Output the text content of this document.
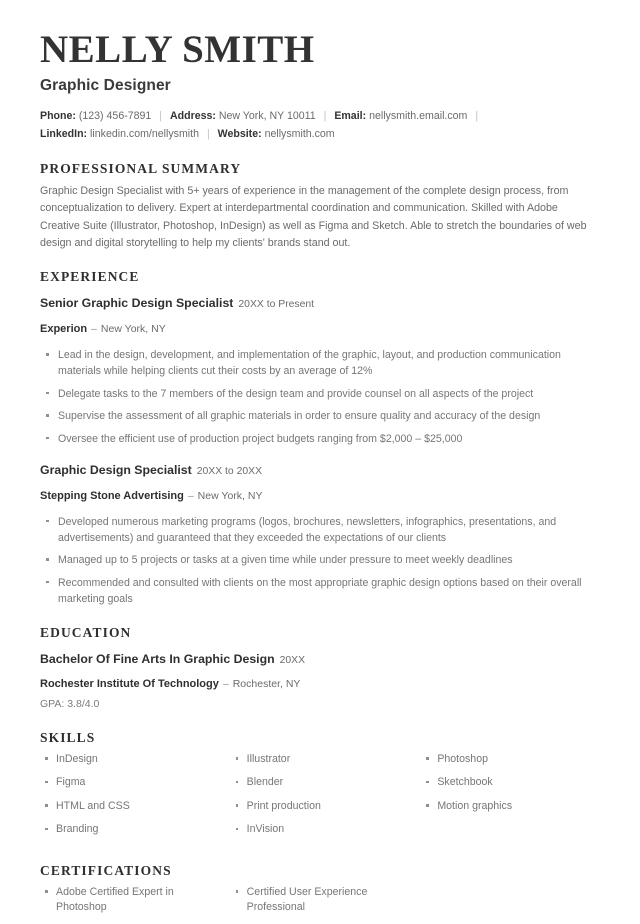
NELLY SMITH
Graphic Designer
Phone: (123) 456-7891 | Address: New York, NY 10011 | Email: nellysmith.email.com |
LinkedIn: linkedin.com/nellysmith | Website: nellysmith.com
PROFESSIONAL SUMMARY

Graphic Design Specialist with 5+ years of experience in the management of the complete design process, from conceptualization to delivery. Expert at interdepartmental coordination and communication. Skilled with Adobe Creative Suite (Illustrator, Photoshop, InDesign) as well as Figma and Sketch. Able to stretch the boundaries of web design and digital storytelling to help my clients' brands stand out.

EXPERIENCE
Senior Graphic Design Specialist 20XX to Present
Experion – New York, NY
Lead in the design, development, and implementation of the graphic, layout, and production communication materials while helping clients cut their costs by an average of 12%
Delegate tasks to the 7 members of the design team and provide counsel on all aspects of the project
Supervise the assessment of all graphic materials in order to ensure quality and accuracy of the design
Oversee the efficient use of production project budgets ranging from $2,000 – $25,000
Graphic Design Specialist 20XX to 20XX
Stepping Stone Advertising – New York, NY
Developed numerous marketing programs (logos, brochures, newsletters, infographics, presentations, and advertisements) and guaranteed that they exceeded the expectations of our clients
Managed up to 5 projects or tasks at a given time while under pressure to meet weekly deadlines
Recommended and consulted with clients on the most appropriate graphic design options based on their overall marketing goals
EDUCATION
Bachelor Of Fine Arts In Graphic Design 20XX
Rochester Institute Of Technology – Rochester, NY
GPA: 3.8/4.0
SKILLS
InDesign
Figma
HTML and CSS
Branding
Illustrator
Blender
Print production
InVision
Photoshop
Sketchbook
Motion graphics
CERTIFICATIONS
Adobe Certified Expert in Photoshop
Certified User Experience Professional
